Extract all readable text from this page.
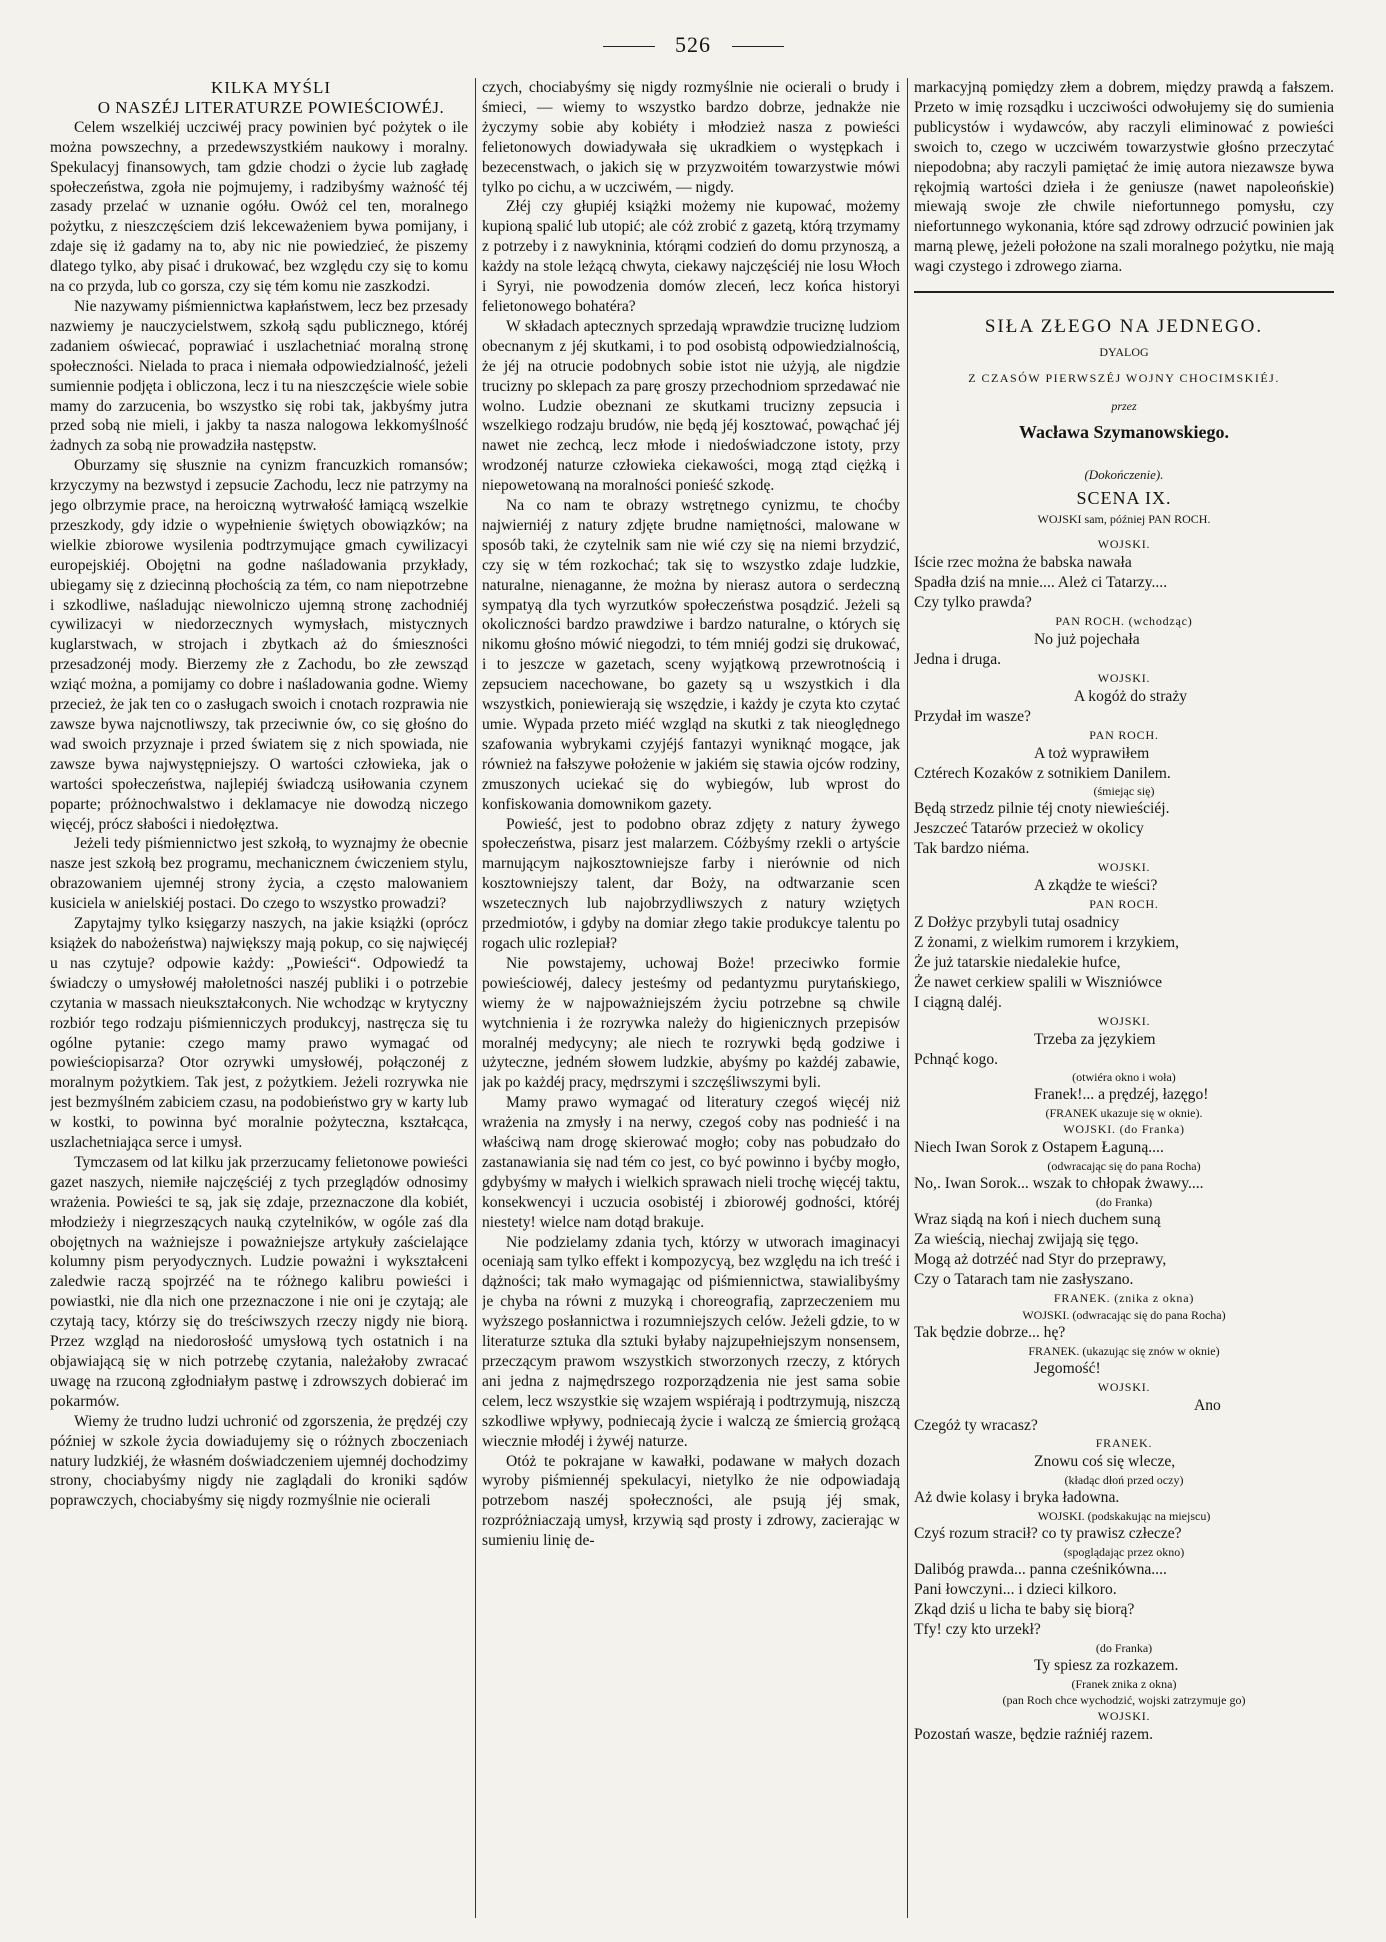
526

KILKA MYŚLI

O NASZÉJ LITERATURZE POWIEŚCIOWÉJ.

Celem wszelkiéj uczciwéj pracy powinien być pożytek o ile można powszechny, a przedewszystkiém naukowy i moralny. Spekulacyj finansowych, tam gdzie chodzi o życie lub zagładę społeczeństwa, zgoła nie pojmujemy, i radzibyśmy ważność téj zasady przelać w uznanie ogółu. Owóż cel ten, moralnego pożytku, z nieszczęściem dziś lekceważeniem bywa pomijany, i zdaje się iż gadamy na to, aby nic nie powiedzieć, że piszemy dlatego tylko, aby pisać i drukować, bez względu czy się to komu na co przyda, lub co gorsza, czy się tém komu nie zaszkodzi.

Nie nazywamy piśmiennictwa kapłaństwem, lecz bez przesady nazwiemy je nauczycielstwem, szkołą sądu publicznego, któréj zadaniem oświecać, poprawiać i uszlachetniać moralną stronę społeczności. Nielada to praca i niemała odpowiedzialność, jeżeli sumiennie podjęta i obliczona, lecz i tu na nieszczęście wiele sobie mamy do zarzucenia, bo wszystko się robi tak, jakbyśmy jutra przed sobą nie mieli, i jakby ta nasza nalogowa lekkomyślność żadnych za sobą nie prowadziła następstw.

Oburzamy się słusznie na cynizm francuzkich romansów; krzyczymy na bezwstyd i zepsucie Zachodu, lecz nie patrzymy na jego olbrzymie prace, na heroiczną wytrwałość łamiącą wszelkie przeszkody, gdy idzie o wypełnienie świętych obowiązków; na wielkie zbiorowe wysilenia podtrzymujące gmach cywilizacyi europejskiéj. Obojętni na godne naśladowania przykłady, ubiegamy się z dziecinną płochością za tém, co nam niepotrzebne i szkodliwe, naśladując niewolniczo ujemną stronę zachodniéj cywilizacyi w niedorzecznych wymysłach, mistycznych kuglarstwach, w strojach i zbytkach aż do śmieszności przesadzonéj mody. Bierzemy złe z Zachodu, bo złe zewsząd wziąć można, a pomijamy co dobre i naśladowania godne. Wiemy przecież, że jak ten co o zasługach swoich i cnotach rozprawia nie zawsze bywa najcnotliwszy, tak przeciwnie ów, co się głośno do wad swoich przyznaje i przed światem się z nich spowiada, nie zawsze bywa najwystępniejszy. O wartości człowieka, jak o wartości społeczeństwa, najlepiéj świadczą usiłowania czynem poparte; próżnochwalstwo i deklamacye nie dowodzą niczego więcéj, prócz słabości i niedołęztwa.

Jeżeli tedy piśmiennictwo jest szkołą, to wyznajmy że obecnie nasze jest szkołą bez programu, mechanicznem ćwiczeniem stylu, obrazowaniem ujemnéj strony życia, a często malowaniem kusiciela w anielskiéj postaci. Do czego to wszystko prowadzi?

Zapytajmy tylko księgarzy naszych, na jakie książki (oprócz książek do nabożeństwa) największy mają pokup, co się najwięcéj u nas czytuje? odpowie każdy: „Powieści“. Odpowiedź ta świadczy o umysłowéj małoletności naszéj publiki i o potrzebie czytania w massach nieukształconych. Nie wchodząc w krytyczny rozbiór tego rodzaju piśmienniczych produkcyj, nastręcza się tu ogólne pytanie: czego mamy prawo wymagać od powieściopisarza? Otor ozrywki umysłowéj, połączonéj z moralnym pożytkiem. Tak jest, z pożytkiem. Jeżeli rozrywka nie jest bezmyślném zabiciem czasu, na podobieństwo gry w karty lub w kostki, to powinna być moralnie pożyteczna, kształcąca, uszlachetniająca serce i umysł.

Tymczasem od lat kilku jak przerzucamy felietonowe powieści gazet naszych, niemiłe najczęściéj z tych przeglądów odnosimy wrażenia. Powieści te są, jak się zdaje, przeznaczone dla kobiét, młodzieży i niegrzeszących nauką czytelników, w ogóle zaś dla obojętnych na ważniejsze i poważniejsze artykuły zaścielające kolumny pism peryodycznych. Ludzie poważni i wykształceni zaledwie raczą spojrzéć na te różnego kalibru powieści i powiastki, nie dla nich one przeznaczone i nie oni je czytają; ale czytają tacy, którzy się do treściwszych rzeczy nigdy nie biorą. Przez wzgląd na niedorosłość umysłową tych ostatnich i na objawiającą się w nich potrzebę czytania, należałoby zwracać uwagę na rzuconą zgłodniałym pastwę i zdrowszych dobierać im pokarmów.

Wiemy że trudno ludzi uchronić od zgorszenia, że prędzéj czy później w szkole życia dowiadujemy się o różnych zboczeniach natury ludzkiéj, że własném doświadczeniem ujemnéj dochodzimy strony, chociabyśmy nigdy nie zaglądali do kroniki sądów poprawczych, chociabyśmy się nigdy rozmyślnie nie ocierali

czych, chociabyśmy się nigdy rozmyślnie nie ocierali o brudy i śmieci, — wiemy to wszystko bardzo dobrze, jednakże nie życzymy sobie aby kobiéty i młodzież nasza z powieści felietonowych dowiadywała się ukradkiem o występkach i bezecenstwach, o jakich się w przyzwoitém towarzystwie mówi tylko po cichu, a w uczciwém, — nigdy.

Złéj czy głupiéj książki możemy nie kupować, możemy kupioną spalić lub utopić; ale cóż zrobić z gazetą, którą trzymamy z potrzeby i z nawykninia, którąmi codzień do domu przynoszą, a każdy na stole leżącą chwyta, ciekawy najczęściéj nie losu Włoch i Syryi, nie powodzenia domów zleceń, lecz końca historyi felietonowego bohatéra?

W składach aptecznych sprzedają wprawdzie truciznę ludziom obecnanym z jéj skutkami, i to pod osobistą odpowiedzialnością, że jéj na otrucie podobnych sobie istot nie użyją, ale nigdzie trucizny po sklepach za parę groszy przechodniom sprzedawać nie wolno. Ludzie obeznani ze skutkami trucizny zepsucia i wszelkiego rodzaju brudów, nie będą jéj kosztować, powąchać jéj nawet nie zechcą, lecz młode i niedoświadczone istoty, przy wrodzonéj naturze człowieka ciekawości, mogą ztąd ciężką i niepowetowaną na moralności ponieść szkodę.

Na co nam te obrazy wstrętnego cynizmu, te choćby najwierniéj z natury zdjęte brudne namiętności, malowane w sposób taki, że czytelnik sam nie wié czy się na niemi brzydzić, czy się w tém rozkochać; tak się to wszystko zdaje ludzkie, naturalne, nienaganne, że można by nierasz autora o serdeczną sympatyą dla tych wyrzutków społeczeństwa posądzić. Jeżeli są okoliczności bardzo prawdziwe i bardzo naturalne, o których się nikomu głośno mówić niegodzi, to tém mniéj godzi się drukować, i to jeszcze w gazetach, sceny wyjątkową przewrotnością i zepsuciem nacechowane, bo gazety są u wszystkich i dla wszystkich, poniewierają się wszędzie, i każdy je czyta kto czytać umie. Wypada przeto miéć wzgląd na skutki z tak nieoględnego szafowania wybrykami czyjéjś fantazyi wyniknąć mogące, jak również na fałszywe położenie w jakiém się stawia ojców rodziny, zmuszonych uciekać się do wybiegów, lub wprost do konfiskowania domownikom gazety.

Powieść, jest to podobno obraz zdjęty z natury żywego społeczeństwa, pisarz jest malarzem. Cóżbyśmy rzekli o artyście marnującym najkosztowniejsze farby i nierównie od nich kosztowniejszy talent, dar Boży, na odtwarzanie scen wszetecznych lub najobrzydliwszych z natury wziętych przedmiotów, i gdyby na domiar złego takie produkcye talentu po rogach ulic rozlepiał?

Nie powstajemy, uchowaj Boże! przeciwko formie powieściowéj, dalecy jesteśmy od pedantyzmu purytańskiego, wiemy że w najpoważniejszém życiu potrzebne są chwile wytchnienia i że rozrywka należy do higienicznych przepisów moralnéj medycyny; ale niech te rozrywki będą godziwe i użyteczne, jedném słowem ludzkie, abyśmy po każdéj zabawie, jak po każdéj pracy, mędrszymi i szczęśliwszymi byli.

Mamy prawo wymagać od literatury czegoś więcéj niż wrażenia na zmysły i na nerwy, czegoś coby nas podnieść i na właściwą nam drogę skierować mogło; coby nas pobudzało do zastanawiania się nad tém co jest, co być powinno i byćby mogło, gdybyśmy w małych i wielkich sprawach nieli trochę więcéj taktu, konsekwencyi i uczucia osobistéj i zbiorowéj godności, któréj niestety! wielce nam dotąd brakuje.

Nie podzielamy zdania tych, którzy w utworach imaginacyi oceniają sam tylko effekt i kompozycyą, bez względu na ich treść i dążności; tak mało wymagając od piśmiennictwa, stawialibyśmy je chyba na równi z muzyką i choreografią, zaprzeczeniem mu wyższego posłannictwa i rozumniejszych celów. Jeżeli gdzie, to w literaturze sztuka dla sztuki byłaby najzupełniejszym nonsensem, przeczącym prawom wszystkich stworzonych rzeczy, z których ani jedna z najmędrszego rozporządzenia nie jest sama sobie celem, lecz wszystkie się wzajem wspiérają i podtrzymują, niszczą szkodliwe wpływy, podniecają życie i walczą ze śmiercią grożącą wiecznie młodéj i żywéj naturze.

Otóż te pokrajane w kawałki, podawane w małych dozach wyroby piśmiennéj spekulacyi, nietylko że nie odpowiadają potrzebom naszéj społeczności, ale psują jéj smak, rozpróżniaczają umysł, krzywią sąd prosty i zdrowy, zacierając w sumieniu linię de-

markacyjną pomiędzy złem a dobrem, między prawdą a fałszem. Przeto w imię rozsądku i uczciwości odwołujemy się do sumienia publicystów i wydawców, aby raczyli eliminować z powieści swoich to, czego w uczciwém towarzystwie głośno przeczytać niepodobna; aby raczyli pamiętać że imię autora niezawsze bywa rękojmią wartości dzieła i że geniusze (nawet napoleońskie) miewają swoje złe chwile niefortunnego pomysłu, czy niefortunnego wykonania, które sąd zdrowy odrzucić powinien jak marną plewę, jeżeli położone na szali moralnego pożytku, nie mają wagi czystego i zdrowego ziarna.

SIŁA ZŁEGO NA JEDNEGO.
DYALOG
Z CZASÓW PIERWSZÉJ WOJNY CHOCIMSKIÉJ.
przez
Wacława Szymanowskiego.
(Dokończenie).
SCENA IX.
WOJSKI sam, później PAN ROCH.
WOJSKI.
Iście rzec można że babska nawała
Spadła dziś na mnie.... Ależ ci Tatarzy....
Czy tylko prawda?
PAN ROCH. (wchodząc)
No już pojechała
Jedna i druga.
WOJSKI.
A kogóż do straży
Przydał im wasze?
PAN ROCH.
A toż wyprawiłem
Cztérech Kozaków z sotnikiem Danilem.
(śmiejąc się)
Będą strzedz pilnie téj cnoty niewieściéj.
Jeszczeć Tatarów przecież w okolicy
Tak bardzo niéma.
WOJSKI.
A zkądże te wieści?
PAN ROCH.
Z Dołżyc przybyli tutaj osadnicy
Z żonami, z wielkim rumorem i krzykiem,
Że już tatarskie niedalekie hufce,
Że nawet cerkiew spalili w Wiszniówce
I ciągną daléj.
WOJSKI.
Trzeba za językiem
Pchnąć kogo.
(otwiéra okno i woła)
Franek!... a prędzéj, łazęgo!
(FRANEK ukazuje się w oknie).
WOJSKI. (do Franka)
Niech Iwan Sorok z Ostapem Łaguną....
(odwracając się do pana Rocha)
No,. Iwan Sorok... wszak to chłopak żwawy....
(do Franka)
Wraz siądą na koń i niech duchem suną
Za wieścią, niechaj zwijają się tęgo.
Mogą aż dotrzéć nad Styr do przeprawy,
Czy o Tatarach tam nie zasłyszano.
FRANEK. (znika z okna)
WOJSKI. (odwracając się do pana Rocha)
Tak będzie dobrze... hę?
FRANEK. (ukazując się znów w oknie)
Jegomość!
WOJSKI.
Ano
Czegóż ty wracasz?
FRANEK.
Znowu coś się wlecze,
(kładąc dłoń przed oczy)
Aż dwie kolasy i bryka ładowna.
WOJSKI. (podskakując na miejscu)
Czyś rozum stracił? co ty prawisz człecze?
(spoglądając przez okno)
Dalibóg prawda... panna cześnikówna....
Pani łowczyni... i dzieci kilkoro.
Zkąd dziś u licha te baby się biorą?
Tfy! czy kto urzekł?
(do Franka)
Ty spiesz za rozkazem.
(Franek znika z okna)
(pan Roch chce wychodzić, wojski zatrzymuje go)
WOJSKI.
Pozostań wasze, będzie raźniéj razem.
